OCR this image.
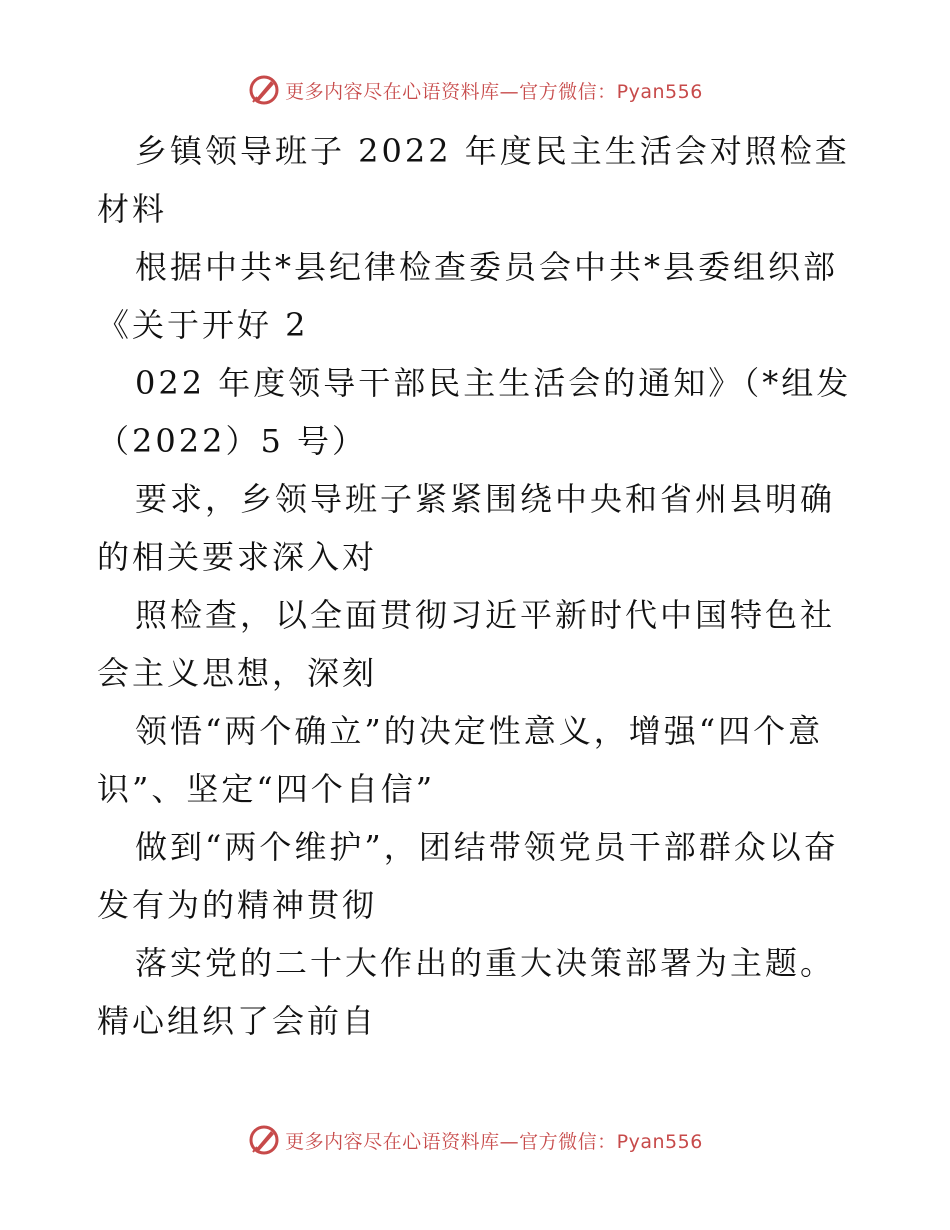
更多内容尽在心语资料库—官方微信：Pyan556

乡镇领导班子 2022 年度民主生活会对照检查材料

根据中共*县纪律检查委员会中共*县委组织部《关于开好 2

022 年度领导干部民主生活会的通知》（*组发（2022）5 号）

要求，乡领导班子紧紧围绕中央和省州县明确的相关要求深入对

照检查，以全面贯彻习近平新时代中国特色社会主义思想，深刻

领悟“两个确立”的决定性意义，增强“四个意识”、坚定“四个自信”

做到“两个维护”，团结带领党员干部群众以奋发有为的精神贯彻

落实党的二十大作出的重大决策部署为主题。精心组织了会前自

更多内容尽在心语资料库—官方微信：Pyan556
